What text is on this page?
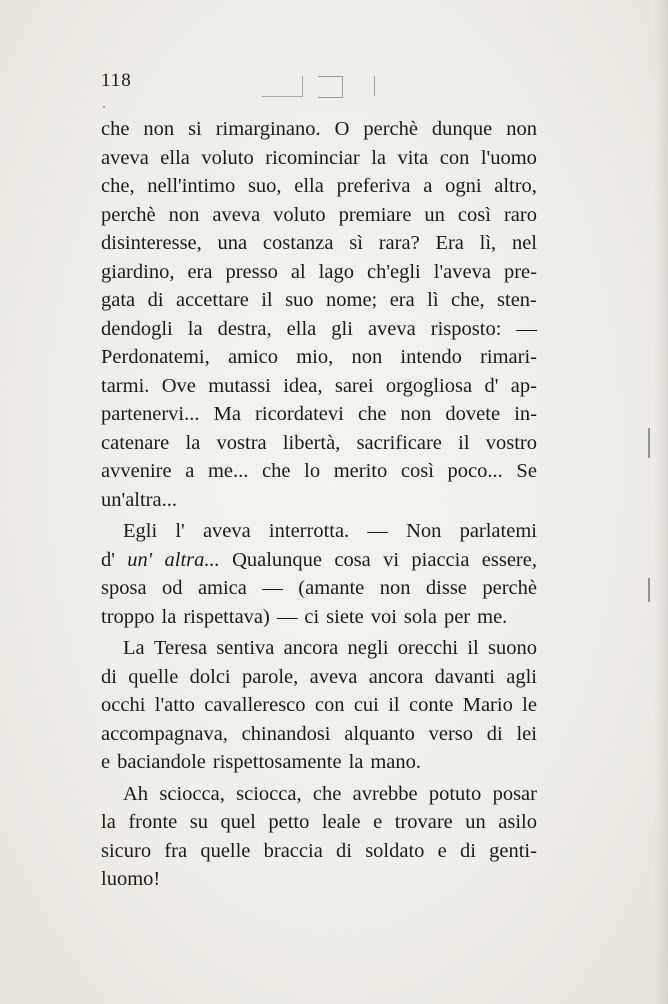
118
che non si rimarginano. O perchè dunque non
aveva ella voluto ricominciar la vita con l'uomo
che, nell'intimo suo, ella preferiva a ogni altro,
perchè non aveva voluto premiare un così raro
disinteresse, una costanza sì rara? Era lì, nel
giardino, era presso al lago ch'egli l'aveva pre-
gata di accettare il suo nome; era lì che, sten-
dendogli la destra, ella gli aveva risposto: —
Perdonatemi, amico mio, non intendo rimari-
tarmi. Ove mutassi idea, sarei orgogliosa d' ap-
partenervi... Ma ricordatevi che non dovete in-
catenare la vostra libertà, sacrificare il vostro
avvenire a me... che lo merito così poco... Se
un'altra...
Egli l' aveva interrotta. — Non parlatemi
d' un' altra... Qualunque cosa vi piaccia essere,
sposa od amica — (amante non disse perchè
troppo la rispettava) — ci siete voi sola per me.
La Teresa sentiva ancora negli orecchi il suono
di quelle dolci parole, aveva ancora davanti agli
occhi l'atto cavalleresco con cui il conte Mario le
accompagnava, chinandosi alquanto verso di lei
e baciandole rispettosamente la mano.
Ah sciocca, sciocca, che avrebbe potuto posar
la fronte su quel petto leale e trovare un asilo
sicuro fra quelle braccia di soldato e di genti-
luomo!
